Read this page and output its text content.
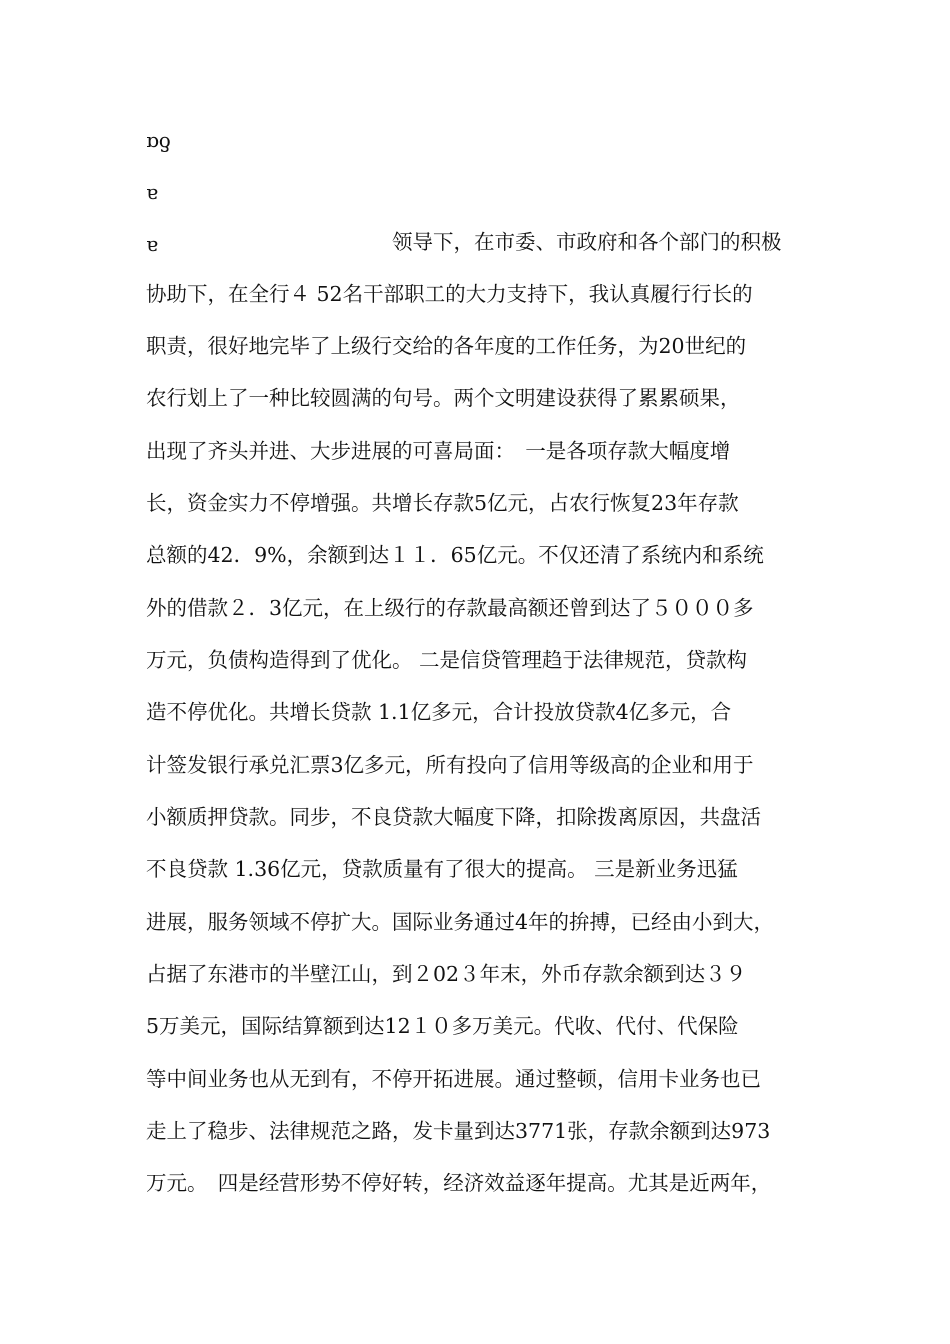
ɒƍ
ɐ
ɐ	领导下，在市委、市政府和各个部门的积极
协助下，在全行４ 52名干部职工的大力支持下，我认真履行行长的
职责，很好地完毕了上级行交给的各年度的工作任务，为20世纪的
农行划上了一种比较圆满的句号。两个文明建设获得了累累硕果，
出现了齐头并进、大步进展的可喜局面：　一是各项存款大幅度增
长，资金实力不停增强。共增长存款5亿元，占农行恢复23年存款
总额的42．9%，余额到达１１．65亿元。不仅还清了系统内和系统
外的借款２．3亿元，在上级行的存款最高额还曾到达了５０００多
万元，负债构造得到了优化。 二是信贷管理趋于法律规范，贷款构
造不停优化。共增长贷款 1.1亿多元，合计投放贷款4亿多元，合
计签发银行承兑汇票3亿多元，所有投向了信用等级高的企业和用于
小额质押贷款。同步，不良贷款大幅度下降，扣除拨离原因，共盘活
不良贷款 1.36亿元，贷款质量有了很大的提高。 三是新业务迅猛
进展，服务领域不停扩大。国际业务通过4年的拚搏，已经由小到大，
占据了东港市的半壁江山，到２02３年末，外币存款余额到达３９
5万美元，国际结算额到达12１０多万美元。代收、代付、代保险
等中间业务也从无到有，不停开拓进展。通过整顿，信用卡业务也已
走上了稳步、法律规范之路，发卡量到达3771张，存款余额到达973
万元。　四是经营形势不停好转，经济效益逐年提高。尤其是近两年，
